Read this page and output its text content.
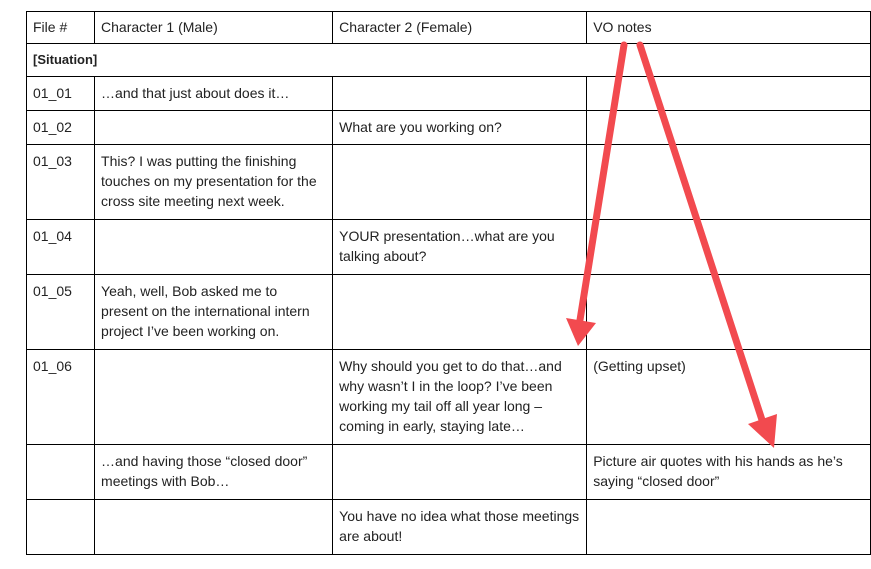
File #	Character 1 (Male)	Character 2 (Female)	VO notes
[Situation]			
01_01	…and that just about does it…		
01_02		What are you working on?	
01_03	This? I was putting the finishing touches on my presentation for the cross site meeting next week.		
01_04		YOUR presentation…what are you talking about?	
01_05	Yeah, well, Bob asked me to present on the international intern project I’ve been working on.		
01_06		Why should you get to do that…and why wasn’t I in the loop? I’ve been working my tail off all year long – coming in early, staying late…	(Getting upset)
	…and having those “closed door” meetings with Bob…		Picture air quotes with his hands as he’s saying “closed door”
		You have no idea what those meetings are about!	
